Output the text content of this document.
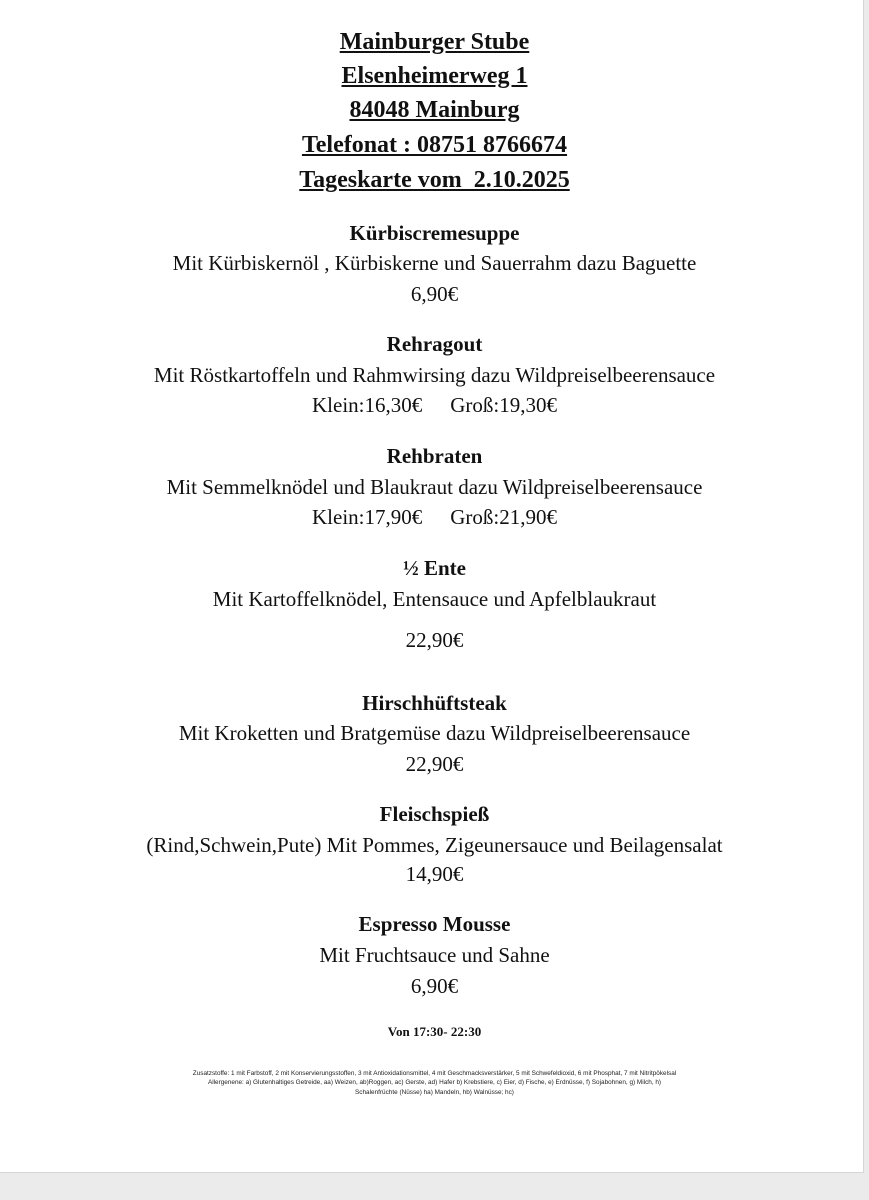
Mainburger Stube
Elsenheimerweg 1
84048 Mainburg
Telefonat : 08751 8766674
Tageskarte vom  2.10.2025
Kürbiscremesuppe
Mit Kürbiskernöl , Kürbiskerne und Sauerrahm dazu Baguette
6,90€
Rehragout
Mit Röstkartoffeln und Rahmwirsing dazu Wildpreiselbeerensauce
Klein:16,30€ Groß:19,30€
Rehbraten
Mit Semmelknödel und Blaukraut dazu Wildpreiselbeerensauce
Klein:17,90€ Groß:21,90€
½ Ente
Mit Kartoffelknödel, Entensauce und Apfelblaukraut
22,90€
Hirschhüftsteak
Mit Kroketten und Bratgemüse dazu Wildpreiselbeerensauce
22,90€
Fleischspieß
(Rind,Schwein,Pute) Mit Pommes, Zigeunersauce und Beilagensalat
14,90€
Espresso Mousse
Mit Fruchtsauce und Sahne
6,90€
Von 17:30- 22:30
Zusatzstoffe: 1 mit Farbstoff, 2 mit Konservierungsstoffen, 3 mit Antioxidationsmittel, 4 mit Geschmacksverstärker, 5 mit Schwefeldioxid, 6 mit Phosphat, 7 mit Nitritpökelsal Allergenene: a) Glutenhaltiges Getreide, aa) Weizen, ab)Roggen, ac) Gerste, ad) Hafer b) Krebstiere, c) Eier, d) Fische, e) Erdnüsse, f) Sojabohnen, g) Milch, h) Schalenfrüchte (Nüsse) ha) Mandeln, hb) Walnüsse; hc)
